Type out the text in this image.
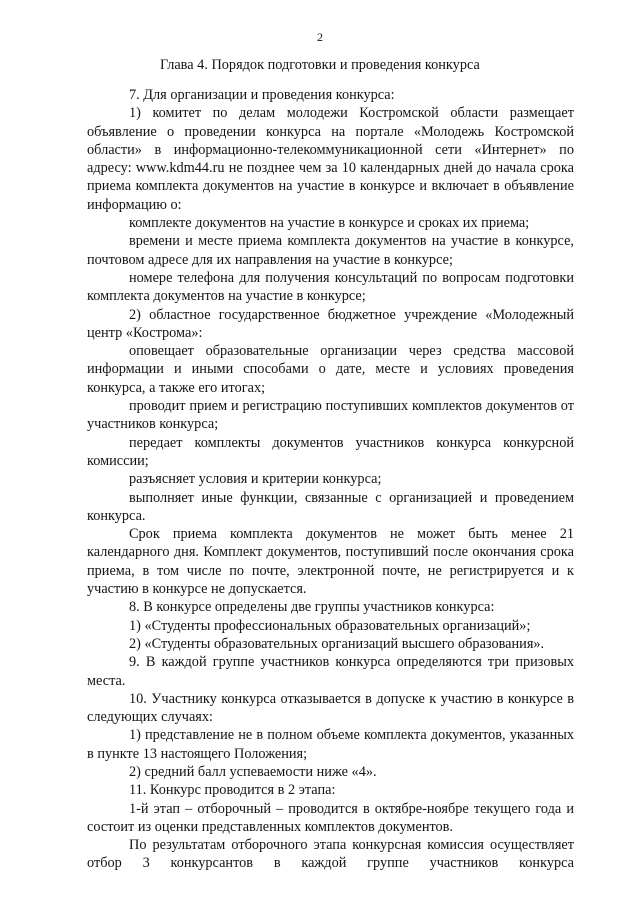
2
Глава 4. Порядок подготовки и проведения конкурса

7. Для организации и проведения конкурса:

1) комитет по делам молодежи Костромской области размещает объявление о проведении конкурса на портале «Молодежь Костромской области» в информационно-телекоммуникационной сети «Интернет» по адресу: www.kdm44.ru не позднее чем за 10 календарных дней до начала срока приема комплекта документов на участие в конкурсе и включает в объявление информацию о:

комплекте документов на участие в конкурсе и сроках их приема;

времени и месте приема комплекта документов на участие в конкурсе, почтовом адресе для их направления на участие в конкурсе;

номере телефона для получения консультаций по вопросам подготовки комплекта документов на участие в конкурсе;

2) областное государственное бюджетное учреждение «Молодежный центр «Кострома»:

оповещает образовательные организации через средства массовой информации и иными способами о дате, месте и условиях проведения конкурса, а также его итогах;

проводит прием и регистрацию поступивших комплектов документов от участников конкурса;

передает комплекты документов участников конкурса конкурсной комиссии;

разъясняет условия и критерии конкурса;

выполняет иные функции, связанные с организацией и проведением конкурса.

Срок приема комплекта документов не может быть менее 21 календарного дня. Комплект документов, поступивший после окончания срока приема, в том числе по почте, электронной почте, не регистрируется и к участию в конкурсе не допускается.

8. В конкурсе определены две группы участников конкурса:

1) «Студенты профессиональных образовательных организаций»;

2) «Студенты образовательных организаций высшего образования».

9. В каждой группе участников конкурса определяются три призовых места.

10. Участнику конкурса отказывается в допуске к участию в конкурсе в следующих случаях:

1) представление не в полном объеме комплекта документов, указанных в пункте 13 настоящего Положения;

2) средний балл успеваемости ниже «4».

11. Конкурс проводится в 2 этапа:

1-й этап – отборочный – проводится в октябре-ноябре текущего года и состоит из оценки представленных комплектов документов.

По результатам отборочного этапа конкурсная комиссия осуществляет отбор 3 конкурсантов в каждой группе участников конкурса
